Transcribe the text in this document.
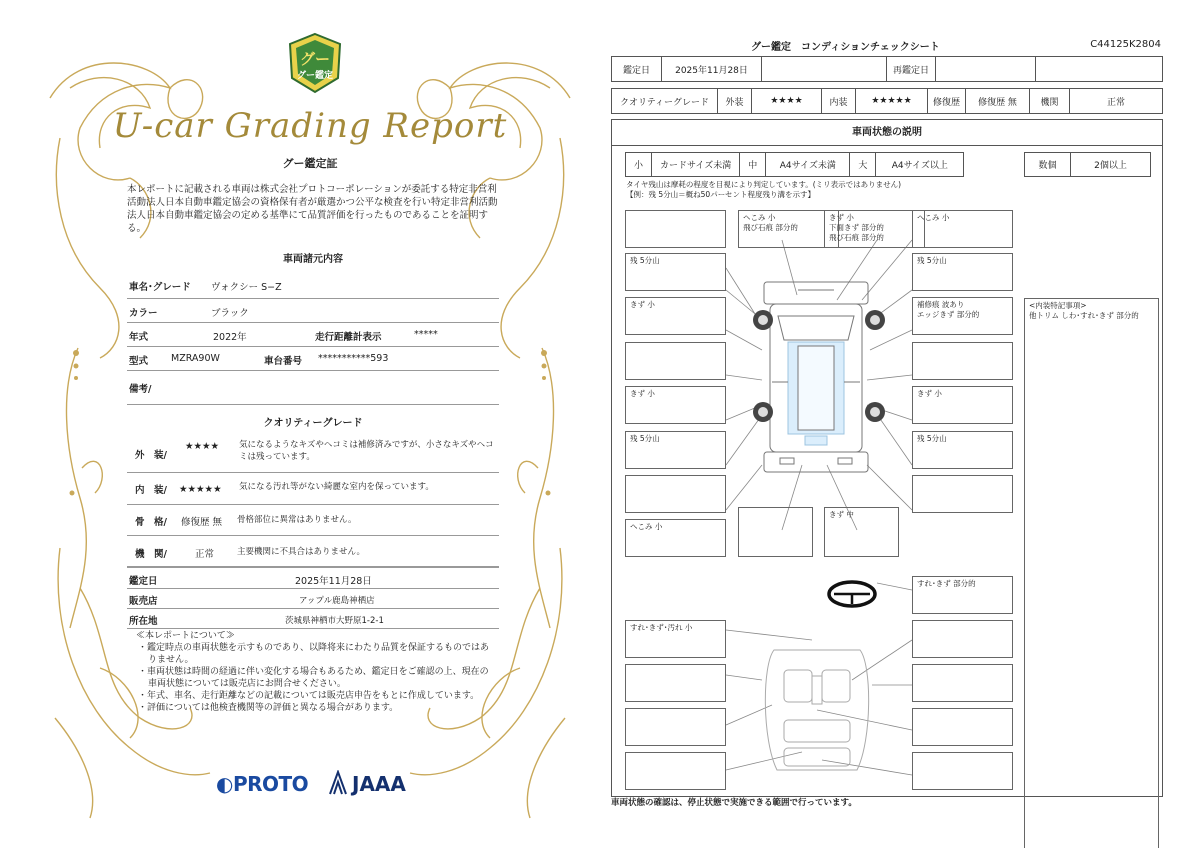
グー
グー鑑定
U-car Grading Report
グー鑑定証
本レポートに記載される車両は株式会社プロトコーポレーションが委託する特定非営利活動法人日本自動車鑑定協会の資格保有者が厳選かつ公平な検査を行い特定非営利活動法人日本自動車鑑定協会の定める基準にて品質評価を行ったものであることを証明する。
車両諸元内容
車名･グレード ヴォクシー S−Z
カラー	ブラック
年式	2022年	走行距離計表示	*****
型式 MZRA90W	車台番号 ***********593
備考/
クオリティーグレード
外　装/
★★★★ 気になるようなキズやヘコミは補修済みですが、小さなキズやヘコミは残っています。
内　装/ ★★★★★ 気になる汚れ等がない綺麗な室内を保っています。
骨　格/ 修復歴 無 骨格部位に異常はありません。
機　関/	正常	主要機関に不具合はありません。
鑑定日	2025年11月28日
販売店	アップル鹿島神栖店
所在地	茨城県神栖市大野原1-2-1

≪本レポートについて≫

・鑑定時点の車両状態を示すものであり、以降将来にわたり品質を保証するものではありません。

・車両状態は時間の経過に伴い変化する場合もあるため、鑑定日をご確認の上、現在の車両状態については販売店にお問合せください。

・年式、車名、走行距離などの記載については販売店申告をもとに作成しています。

・評価については他検査機関等の評価と異なる場合があります。

◐PROTO JAAA
グー鑑定　コンディションチェックシート	C44125K2804
鑑定日	2025年11月28日		再鑑定日		
クオリティーグレード	外装	★★★★	内装	★★★★★	修復歴	修復歴 無	機関	正常
車両状態の説明
小	カードサイズ未満	中	A4サイズ未満	大	A4サイズ以上	数個	2個以上
タイヤ残山は摩耗の程度を目視により判定しています。(ミリ表示ではありません)
【例：残 5分山＝概ね50パーセント程度残り溝を示す】
ヘこみ 小
飛び石痕 部分的
きず 小
下面きず 部分的
飛び石痕 部分的
へこみ 小
残 5分山	残 5分山
きず 小	補修痕 波あり
エッジきず 部分的
きず 小	きず 小
残 5分山	残 5分山
へこみ 小
きず 中
すれ･きず 部分的
すれ･きず･汚れ 小
<内装特記事項>
他トリム しわ･すれ･きず 部分的
車両状態の確認は、停止状態で実施できる範囲で行っています。
